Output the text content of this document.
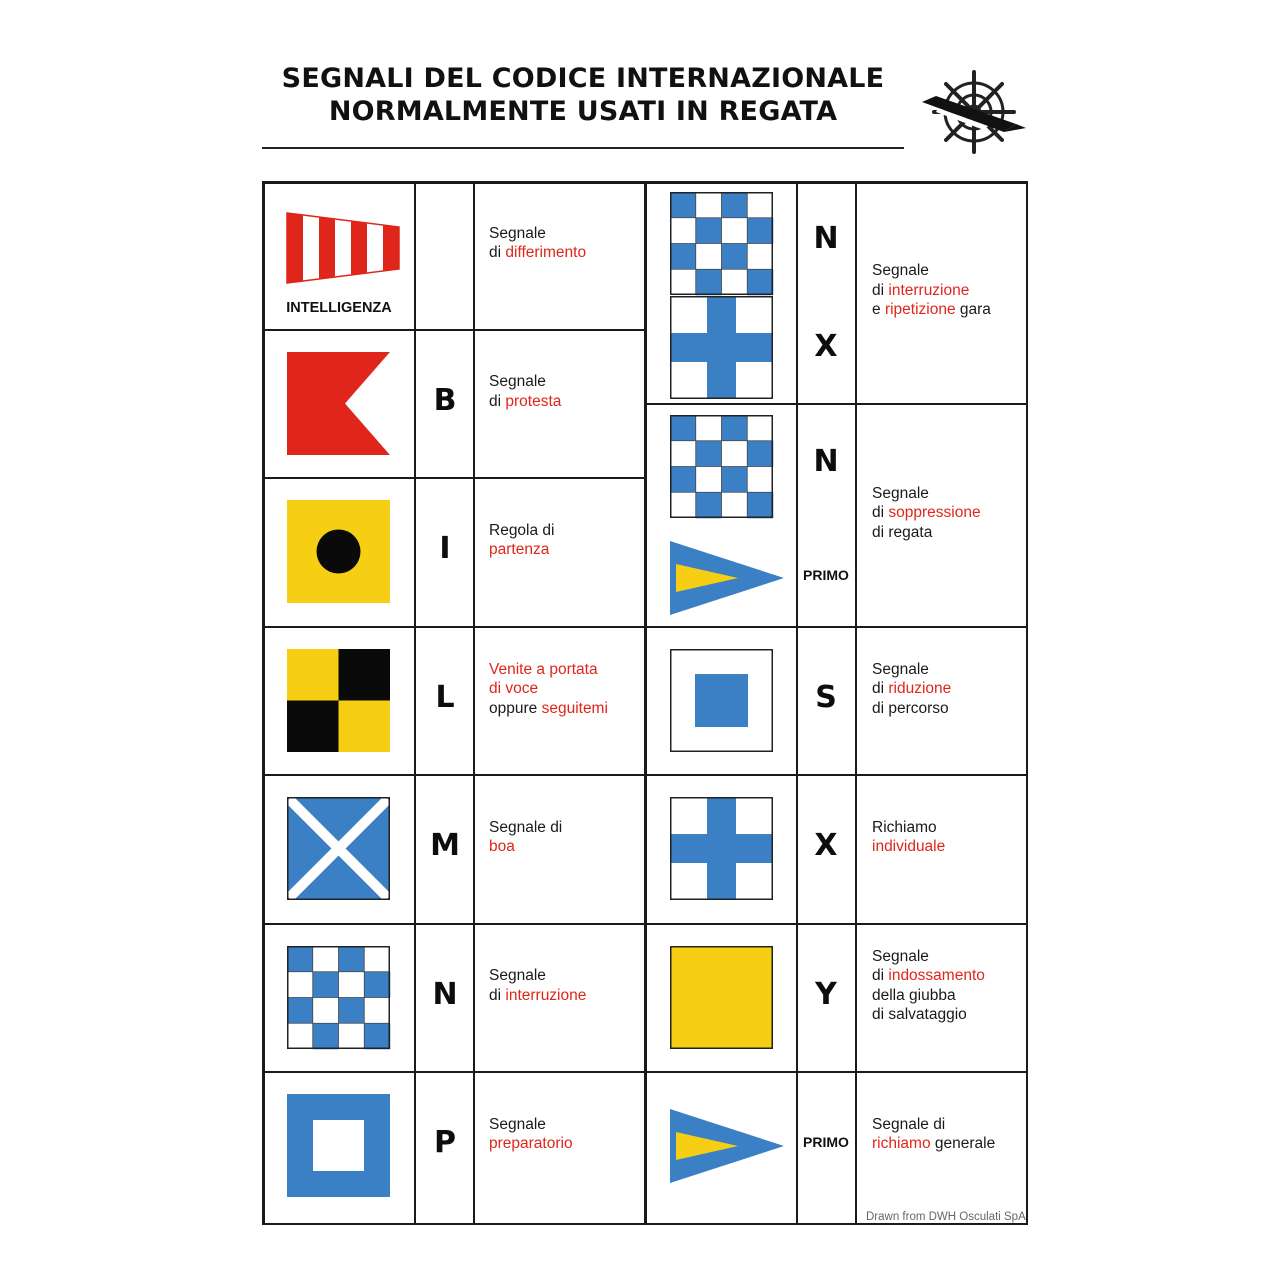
SEGNALI DEL CODICE INTERNAZIONALE
NORMALMENTE USATI IN REGATA
INTELLIGENZA
Segnale
di differimento
B
Segnale
di protesta
I
Regola di
partenza
L
Venite a portata
di voce
oppure seguitemi
M
Segnale di
boa
N
Segnale
di interruzione
P
Segnale
preparatorio
N
X
Segnale
di interruzione
e ripetizione gara
N
PRIMO
Segnale
di soppressione
di regata
S
Segnale
di riduzione
di percorso
X
Richiamo
individuale
Y
Segnale
di indossamento
della giubba
di salvataggio
PRIMO
Segnale di
richiamo generale
Drawn from DWH Osculati SpA
